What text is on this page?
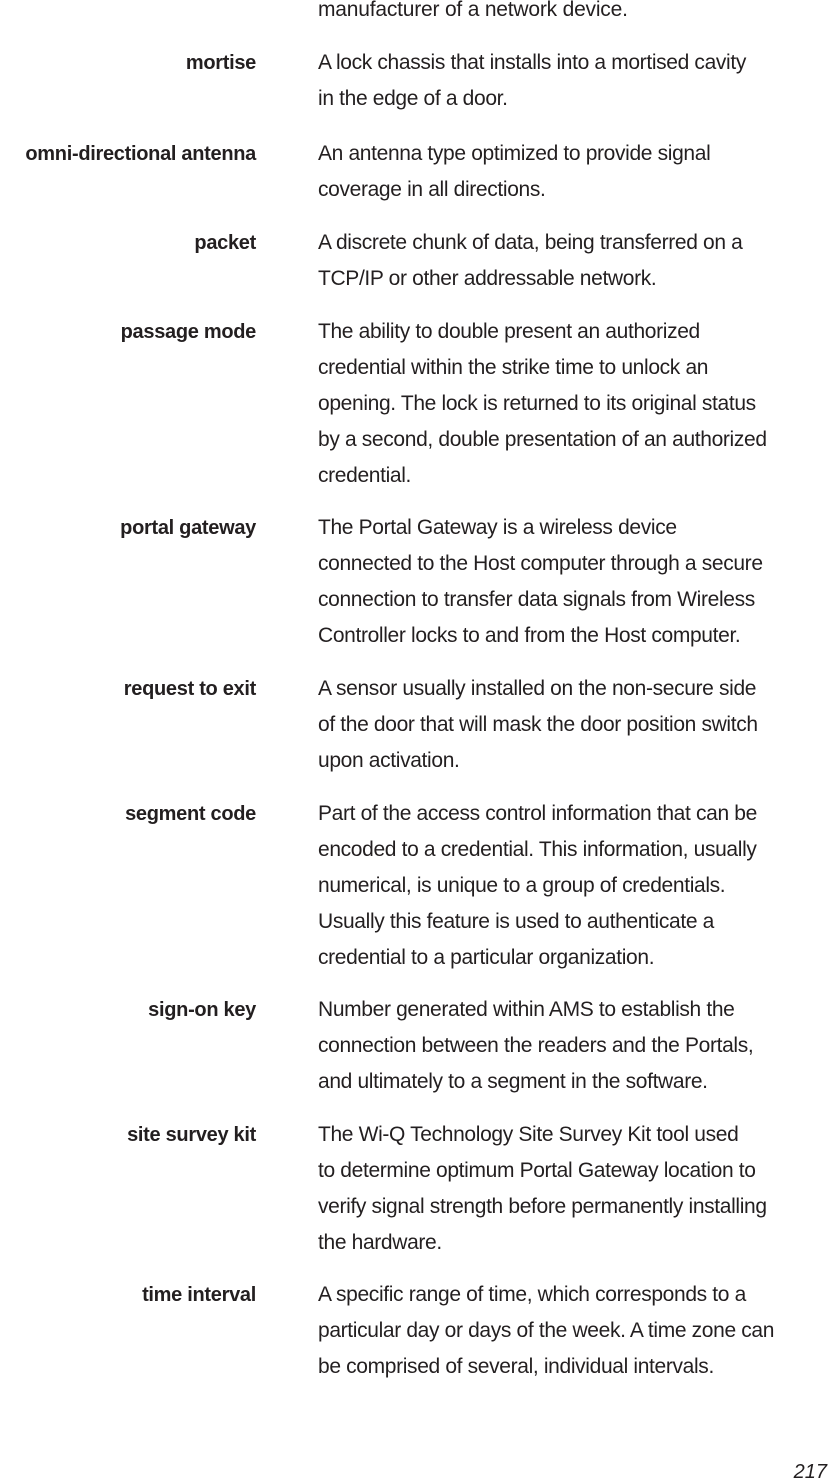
manufacturer of a network device.
mortise	A lock chassis that installs into a mortised cavity
in the edge of a door.
omni-directional antenna	An antenna type optimized to provide signal
coverage in all directions.
packet	A discrete chunk of data, being transferred on a
TCP/IP or other addressable network.
passage mode	The ability to double present an authorized
credential within the strike time to unlock an
opening. The lock is returned to its original status
by a second, double presentation of an authorized
credential.
portal gateway	The Portal Gateway is a wireless device
connected to the Host computer through a secure
connection to transfer data signals from Wireless
Controller locks to and from the Host computer.
request to exit	A sensor usually installed on the non-secure side
of the door that will mask the door position switch
upon activation.
segment code	Part of the access control information that can be
encoded to a credential. This information, usually
numerical, is unique to a group of credentials.
Usually this feature is used to authenticate a
credential to a particular organization.
sign-on key	Number generated within AMS to establish the
connection between the readers and the Portals,
and ultimately to a segment in the software.
site survey kit	The Wi-Q Technology Site Survey Kit tool used
to determine optimum Portal Gateway location to
verify signal strength before permanently installing
the hardware.
time interval	A specific range of time, which corresponds to a
particular day or days of the week. A time zone can
be comprised of several, individual intervals.
217
